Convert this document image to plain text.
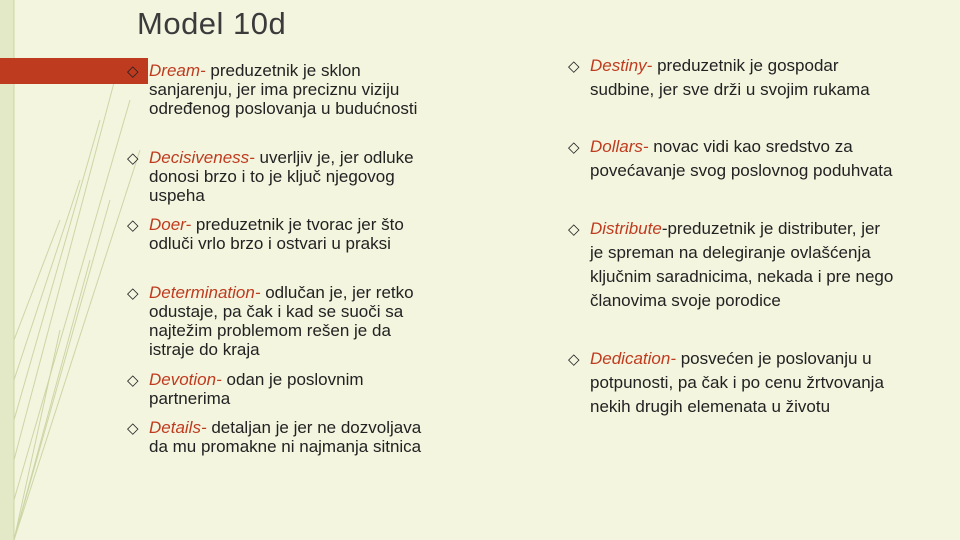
Model 10d
◇ Dream- preduzetnik je sklon sanjarenju, jer ima preciznu viziju određenog poslovanja u budućnosti
◇ Decisiveness- uverljiv je, jer odluke donosi brzo i to je ključ njegovog uspeha
◇ Doer- preduzetnik je tvorac jer što odluči vrlo brzo i ostvari u praksi
◇ Determination- odlučan je, jer retko odustaje, pa čak i kad se suoči sa najtežim problemom rešen je da istraje do kraja
◇ Devotion- odan je poslovnim partnerima
◇ Details- detaljan je jer ne dozvoljava da mu promakne ni najmanja sitnica
◇ Destiny- preduzetnik je gospodar sudbine, jer sve drži u svojim rukama
◇ Dollars- novac vidi kao sredstvo za povećavanje svog poslovnog poduhvata
◇ Distribute-preduzetnik je distributer, jer je spreman na delegiranje ovlašćenja ključnim saradnicima, nekada i pre nego članovima svoje porodice
◇ Dedication- posvećen je poslovanju u potpunosti, pa čak i po cenu žrtvovanja nekih drugih elemenata u životu
